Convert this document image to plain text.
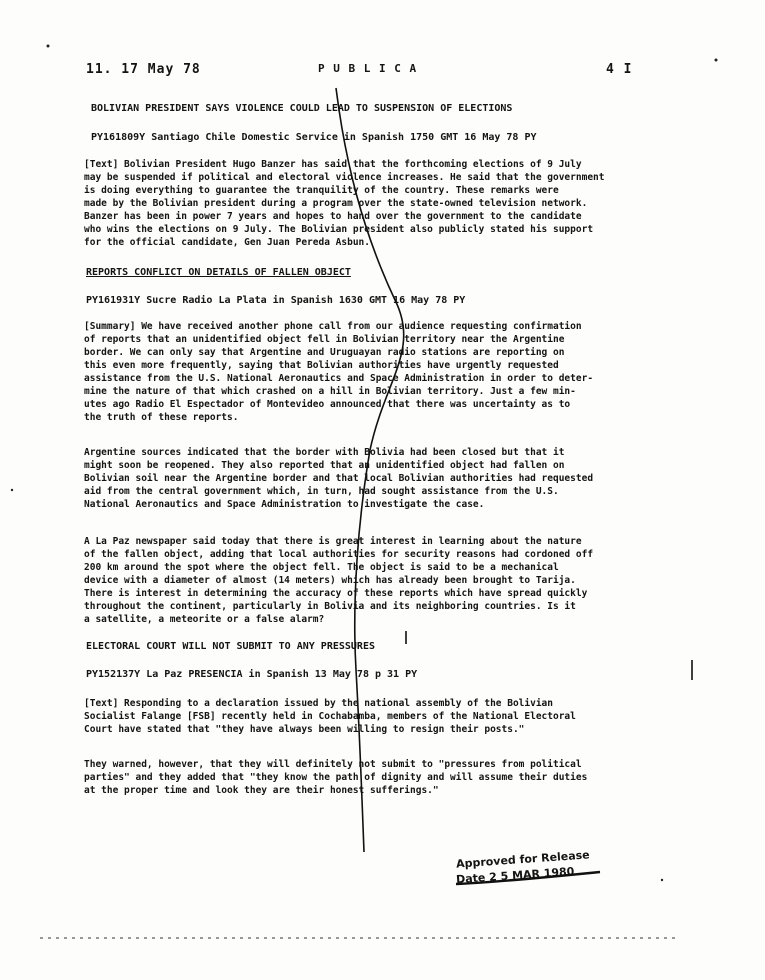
11. 17 May 78	P U B L I C A	4 I
BOLIVIAN PRESIDENT SAYS VIOLENCE COULD LEAD TO SUSPENSION OF ELECTIONS
PY161809Y Santiago Chile Domestic Service in Spanish 1750 GMT 16 May 78 PY
[Text] Bolivian President Hugo Banzer has said that the forthcoming elections of 9 July
may be suspended if political and electoral violence increases. He said that the government
is doing everything to guarantee the tranquility of the country. These remarks were
made by the Bolivian president during a program over the state-owned television network.
Banzer has been in power 7 years and hopes to hand over the government to the candidate
who wins the elections on 9 July. The Bolivian president also publicly stated his support
for the official candidate, Gen Juan Pereda Asbun.
REPORTS CONFLICT ON DETAILS OF FALLEN OBJECT
PY161931Y Sucre Radio La Plata in Spanish 1630 GMT 16 May 78 PY
[Summary] We have received another phone call from our audience requesting confirmation
of reports that an unidentified object fell in Bolivian territory near the Argentine
border. We can only say that Argentine and Uruguayan radio stations are reporting on
this even more frequently, saying that Bolivian authorities have urgently requested
assistance from the U.S. National Aeronautics and Space Administration in order to deter-
mine the nature of that which crashed on a hill in Bolivian territory. Just a few min-
utes ago Radio El Espectador of Montevideo announced that there was uncertainty as to
the truth of these reports.
Argentine sources indicated that the border with Bolivia had been closed but that it
might soon be reopened. They also reported that an unidentified object had fallen on
Bolivian soil near the Argentine border and that local Bolivian authorities had requested
aid from the central government which, in turn, had sought assistance from the U.S.
National Aeronautics and Space Administration to investigate the case.
A La Paz newspaper said today that there is great interest in learning about the nature
of the fallen object, adding that local authorities for security reasons had cordoned off
200 km around the spot where the object fell. The object is said to be a mechanical
device with a diameter of almost (14 meters) which has already been brought to Tarija.
There is interest in determining the accuracy of these reports which have spread quickly
throughout the continent, particularly in Bolivia and its neighboring countries. Is it
a satellite, a meteorite or a false alarm?
ELECTORAL COURT WILL NOT SUBMIT TO ANY PRESSURES
PY152137Y La Paz PRESENCIA in Spanish 13 May 78 p 31 PY
[Text] Responding to a declaration issued by the national assembly of the Bolivian
Socialist Falange [FSB] recently held in Cochabamba, members of the National Electoral
Court have stated that "they have always been willing to resign their posts."
They warned, however, that they will definitely not submit to "pressures from political
parties" and they added that "they know the path of dignity and will assume their duties
at the proper time and look they are their honest sufferings."
Approved for Release
Date 2 5 MAR 1980
